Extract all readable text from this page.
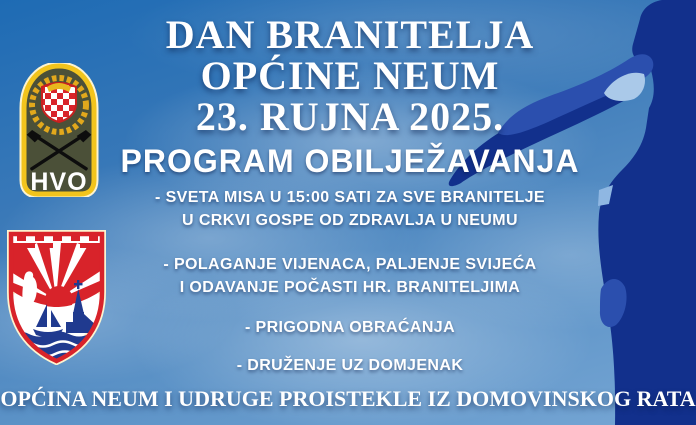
HVO
DAN BRANITELJA
OPĆINE NEUM
23. RUJNA 2025.
PROGRAM OBILJEŽAVANJA
- SVETA MISA U 15:00 SATI ZA SVE BRANITELJE
U CRKVI GOSPE OD ZDRAVLJA U NEUMU
- POLAGANJE VIJENACA, PALJENJE SVIJEĆA
I ODAVANJE POČASTI HR. BRANITELJIMA
- PRIGODNA OBRAĆANJA
- DRUŽENJE UZ DOMJENAK
OPĆINA NEUM I UDRUGE PROISTEKLE IZ DOMOVINSKOG RATA
